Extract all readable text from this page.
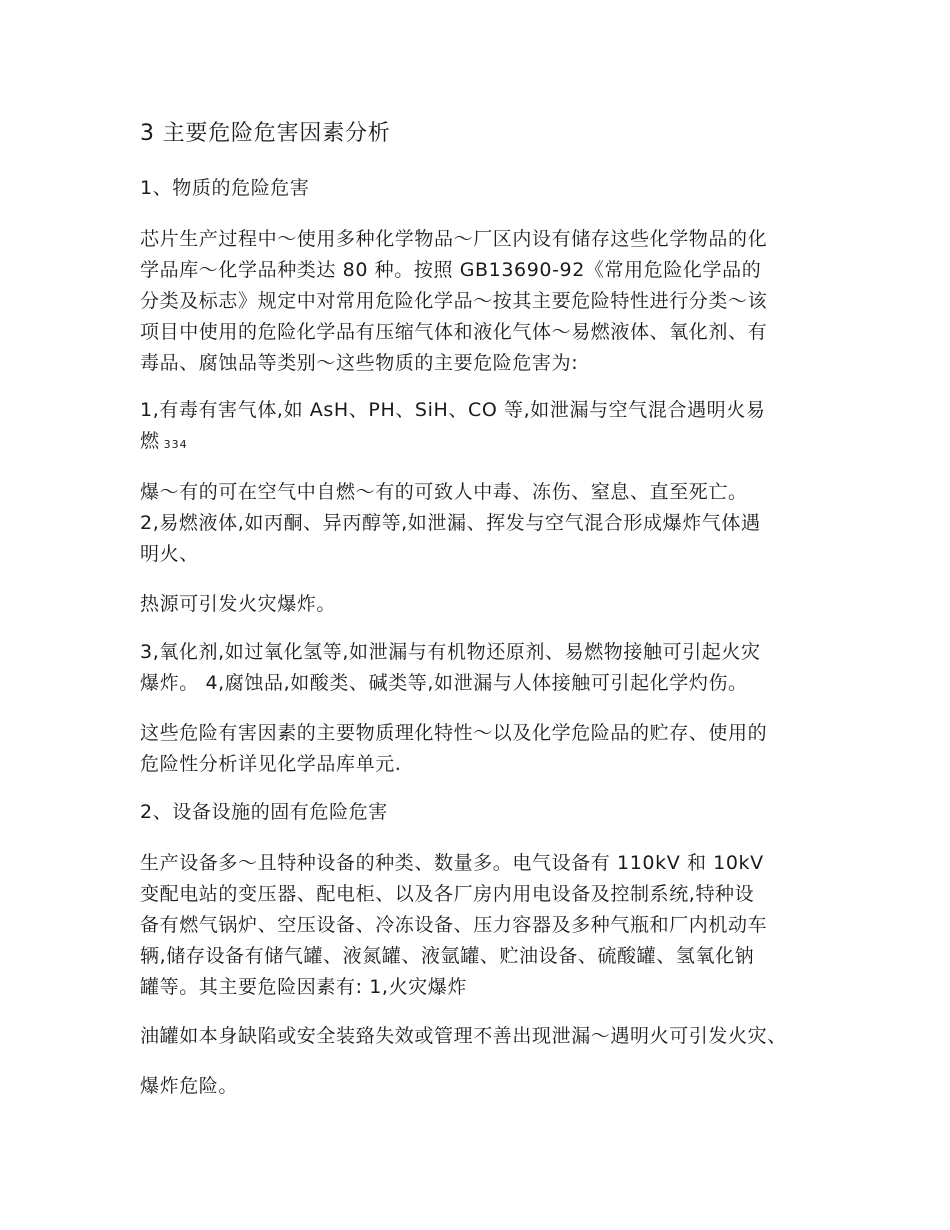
3 主要危险危害因素分析
1、物质的危险危害
芯片生产过程中～使用多种化学物品～厂区内设有储存这些化学物品的化
学品库～化学品种类达 80 种。按照 GB13690-92《常用危险化学品的
分类及标志》规定中对常用危险化学品～按其主要危险特性进行分类～该
项目中使用的危险化学品有压缩气体和液化气体～易燃液体、氧化剂、有
毒品、腐蚀品等类别～这些物质的主要危险危害为:
1,有毒有害气体,如 AsH、PH、SiH、CO 等,如泄漏与空气混合遇明火易
燃 334
爆～有的可在空气中自燃～有的可致人中毒、冻伤、窒息、直至死亡。
2,易燃液体,如丙酮、异丙醇等,如泄漏、挥发与空气混合形成爆炸气体遇
明火、
热源可引发火灾爆炸。
3,氧化剂,如过氧化氢等,如泄漏与有机物还原剂、易燃物接触可引起火灾
爆炸。 4,腐蚀品,如酸类、碱类等,如泄漏与人体接触可引起化学灼伤。
这些危险有害因素的主要物质理化特性～以及化学危险品的贮存、使用的
危险性分析详见化学品库单元.
2、设备设施的固有危险危害
生产设备多～且特种设备的种类、数量多。电气设备有 110kV 和 10kV
变配电站的变压器、配电柜、以及各厂房内用电设备及控制系统,特种设
备有燃气锅炉、空压设备、冷冻设备、压力容器及多种气瓶和厂内机动车
辆,储存设备有储气罐、液氮罐、液氩罐、贮油设备、硫酸罐、氢氧化钠
罐等。其主要危险因素有: 1,火灾爆炸
油罐如本身缺陷或安全装臵失效或管理不善出现泄漏～遇明火可引发火灾、
爆炸危险。
